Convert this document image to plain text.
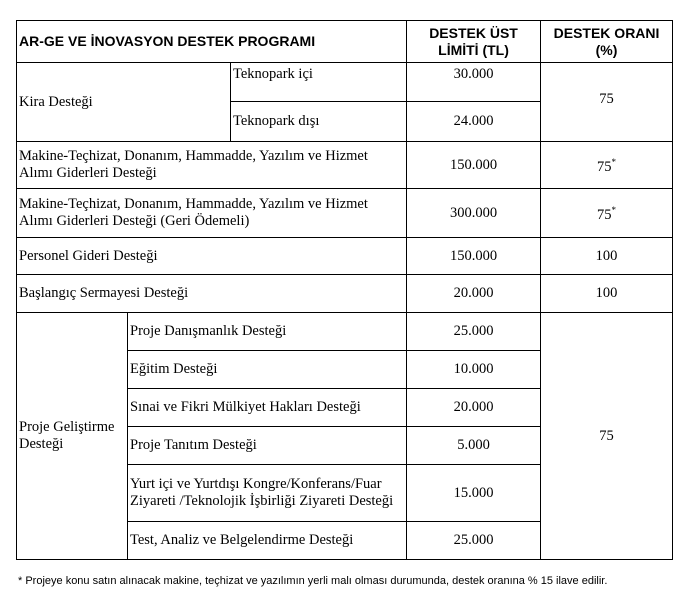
AR-GE VE İNOVASYON DESTEK PROGRAMI			DESTEK ÜST LİMİTİ (TL)	DESTEK ORANI (%)
Kira Desteği		Teknopark içi	30.000	75
		Teknopark dışı	24.000	
Makine-Teçhizat, Donanım, Hammadde, Yazılım ve Hizmet Alımı Giderleri Desteği			150.000	75*
Makine-Teçhizat, Donanım, Hammadde, Yazılım ve Hizmet Alımı Giderleri Desteği (Geri Ödemeli)			300.000	75*
Personel Gideri Desteği			150.000	100
Başlangıç Sermayesi Desteği			20.000	100
Proje Geliştirme Desteği	Proje Danışmanlık Desteği		25.000	75
	Eğitim Desteği		10.000	
	Sınai ve Fikri Mülkiyet Hakları Desteği		20.000	
	Proje Tanıtım Desteği		5.000	
	Yurt içi ve Yurtdışı Kongre/Konferans/Fuar Ziyareti /Teknolojik İşbirliği Ziyareti Desteği		15.000	
	Test, Analiz ve Belgelendirme Desteği		25.000	
* Projeye konu satın alınacak makine, teçhizat ve yazılımın yerli malı olması durumunda, destek oranına % 15 ilave edilir.
